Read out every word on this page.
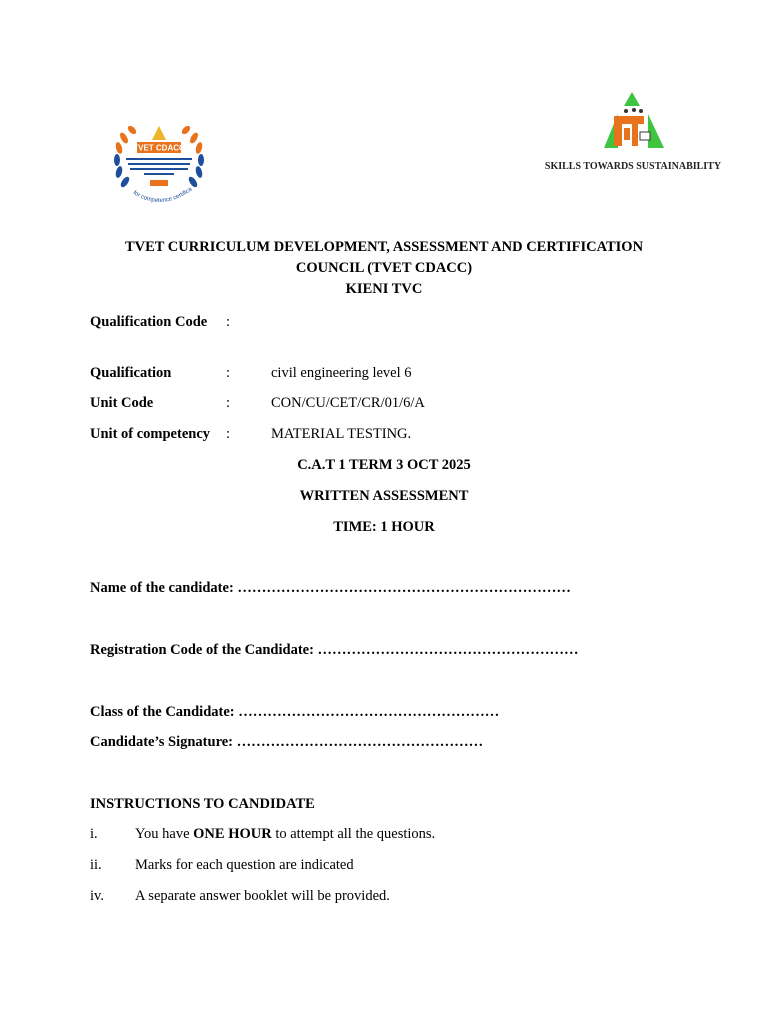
TVET CDACC
for competence certifica
SKILLS TOWARDS SUSTAINABILITY
TVET CURRICULUM DEVELOPMENT, ASSESSMENT AND CERTIFICATION
COUNCIL (TVET CDACC)
KIENI TVC
Qualification Code :
Qualification	:	civil engineering level 6
Unit Code	:	CON/CU/CET/CR/01/6/A
Unit of competency :	MATERIAL TESTING.
C.A.T 1 TERM 3 OCT 2025
WRITTEN ASSESSMENT
TIME: 1 HOUR
Name of the candidate: ……………………………………………………………
Registration Code of the Candidate: ………………………………………………
Class of the Candidate: ………………………………………………
Candidate’s Signature: ……………………………………………
INSTRUCTIONS TO CANDIDATE
i.	You have ONE HOUR to attempt all the questions.
ii. Marks for each question are indicated
iv. A separate answer booklet will be provided.
